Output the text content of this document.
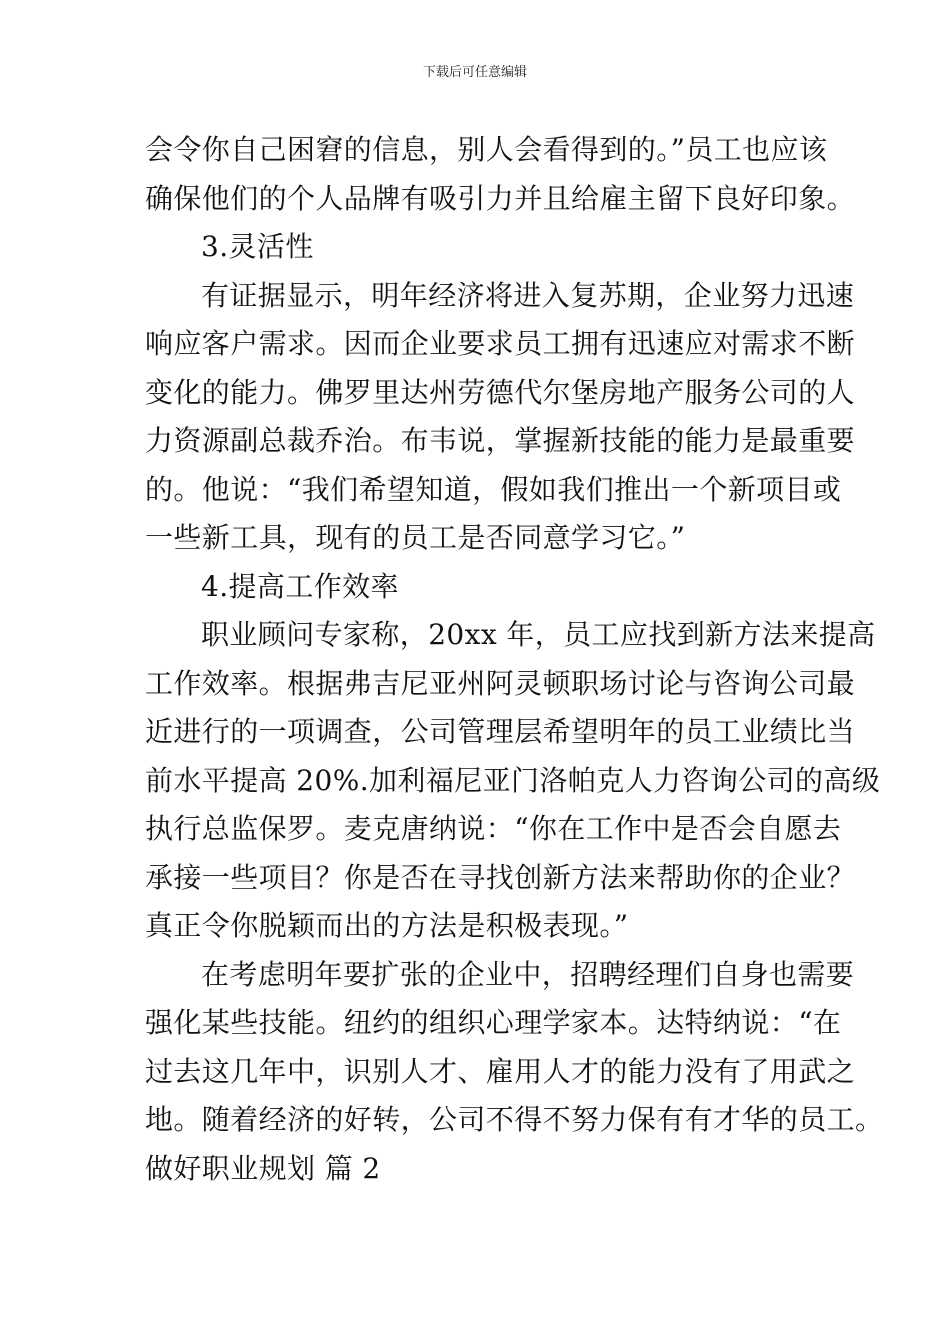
下载后可任意编辑
会令你自己困窘的信息，别人会看得到的。”员工也应该
确保他们的个人品牌有吸引力并且给雇主留下良好印象。
3.灵活性
有证据显示，明年经济将进入复苏期，企业努力迅速
响应客户需求。因而企业要求员工拥有迅速应对需求不断
变化的能力。佛罗里达州劳德代尔堡房地产服务公司的人
力资源副总裁乔治。布韦说，掌握新技能的能力是最重要
的。他说：“我们希望知道，假如我们推出一个新项目或
一些新工具，现有的员工是否同意学习它。”
4.提高工作效率
职业顾问专家称，20xx 年，员工应找到新方法来提高
工作效率。根据弗吉尼亚州阿灵顿职场讨论与咨询公司最
近进行的一项调查，公司管理层希望明年的员工业绩比当
前水平提高 20%.加利福尼亚门洛帕克人力咨询公司的高级
执行总监保罗。麦克唐纳说：“你在工作中是否会自愿去
承接一些项目？你是否在寻找创新方法来帮助你的企业？
真正令你脱颖而出的方法是积极表现。”
在考虑明年要扩张的企业中，招聘经理们自身也需要
强化某些技能。纽约的组织心理学家本。达特纳说：“在
过去这几年中，识别人才、雇用人才的能力没有了用武之
地。随着经济的好转，公司不得不努力保有有才华的员工。
做好职业规划 篇 2
